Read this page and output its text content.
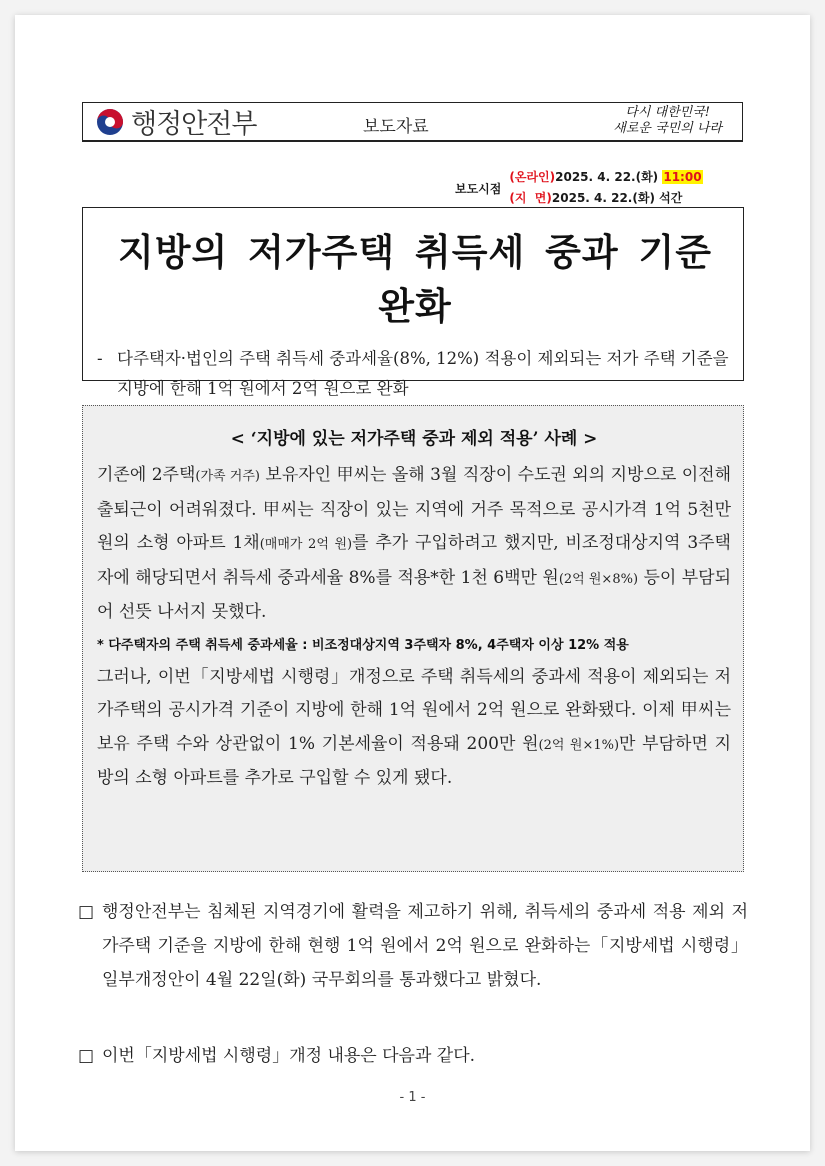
행정안전부	보도자료
다시 대한민국!
새로운 국민의 나라
보도시점
(온라인)2025. 4. 22.(화) 11:00
(지  면)2025. 4. 22.(화) 석간
지방의 저가주택 취득세 중과 기준 완화
- 다주택자·법인의 주택 취득세 중과세율(8%, 12%) 적용이 제외되는 저가 주택 기준을 지방에 한해 1억 원에서 2억 원으로 완화
< ‘지방에 있는 저가주택 중과 제외 적용’ 사례 >
기존에 2주택(가족 거주) 보유자인 甲씨는 올해 3월 직장이 수도권 외의 지방으로 이전해 출퇴근이 어려워졌다. 甲씨는 직장이 있는 지역에 거주 목적으로 공시가격 1억 5천만 원의 소형 아파트 1채(매매가 2억 원)를 추가 구입하려고 했지만, 비조정대상지역 3주택자에 해당되면서 취득세 중과세율 8%를 적용*한 1천 6백만 원(2억 원×8%) 등이 부담되어 선뜻 나서지 못했다.
* 다주택자의 주택 취득세 중과세율 : 비조정대상지역 3주택자 8%, 4주택자 이상 12% 적용
그러나, 이번「지방세법 시행령」개정으로 주택 취득세의 중과세 적용이 제외되는 저가주택의 공시가격 기준이 지방에 한해 1억 원에서 2억 원으로 완화됐다. 이제 甲씨는 보유 주택 수와 상관없이 1% 기본세율이 적용돼 200만 원(2억 원×1%)만 부담하면 지방의 소형 아파트를 추가로 구입할 수 있게 됐다.
□ 행정안전부는 침체된 지역경기에 활력을 제고하기 위해, 취득세의 중과세 적용 제외 저가주택 기준을 지방에 한해 현행 1억 원에서 2억 원으로 완화하는「지방세법 시행령」일부개정안이 4월 22일(화) 국무회의를 통과했다고 밝혔다.
□ 이번「지방세법 시행령」개정 내용은 다음과 같다.
- 1 -
